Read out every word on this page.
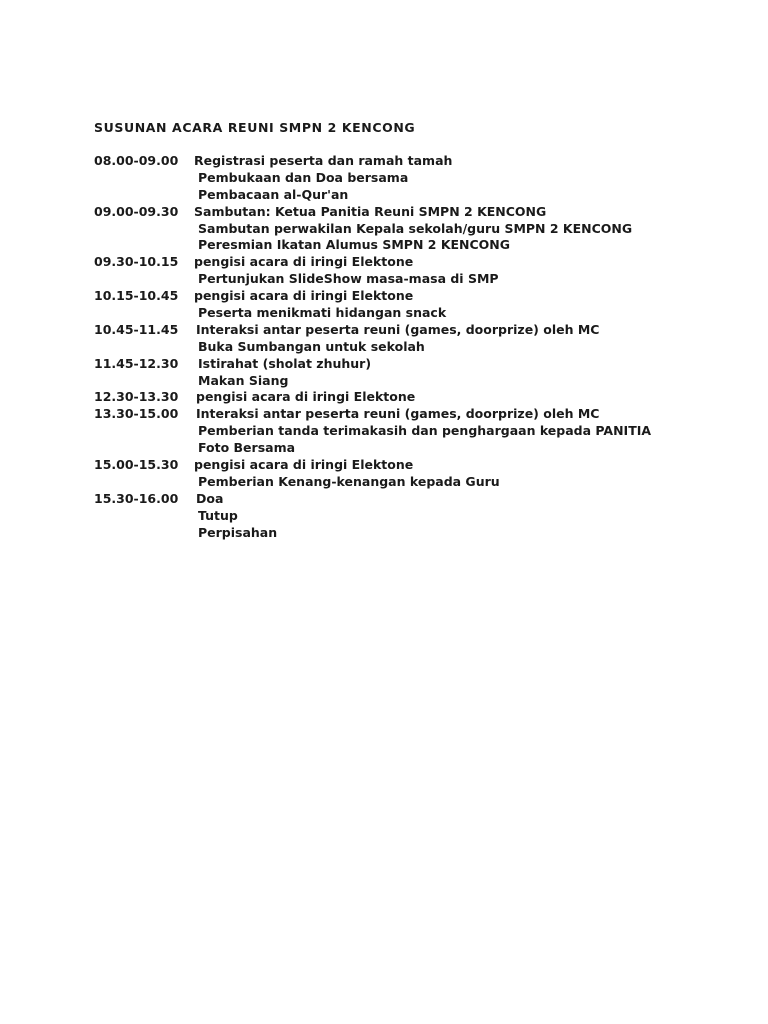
SUSUNAN ACARA REUNI SMPN 2 KENCONG
08.00-09.00	Registrasi peserta dan ramah tamah
Pembukaan dan Doa bersama
Pembacaan al-Qur'an
09.00-09.30	Sambutan: Ketua Panitia Reuni SMPN 2 KENCONG
Sambutan perwakilan Kepala sekolah/guru SMPN 2 KENCONG
Peresmian Ikatan Alumus SMPN 2 KENCONG
09.30-10.15	pengisi acara di iringi Elektone
Pertunjukan SlideShow masa-masa di SMP
10.15-10.45	pengisi acara di iringi Elektone
Peserta menikmati hidangan snack
10.45-11.45	Interaksi antar peserta reuni (games, doorprize) oleh MC
Buka Sumbangan untuk sekolah
11.45-12.30	Istirahat (sholat zhuhur)
Makan Siang
12.30-13.30	pengisi acara di iringi Elektone
13.30-15.00	Interaksi antar peserta reuni (games, doorprize) oleh MC
Pemberian tanda terimakasih dan penghargaan kepada PANITIA
Foto Bersama
15.00-15.30	pengisi acara di iringi Elektone
Pemberian Kenang-kenangan kepada Guru
15.30-16.00	Doa
Tutup
Perpisahan
